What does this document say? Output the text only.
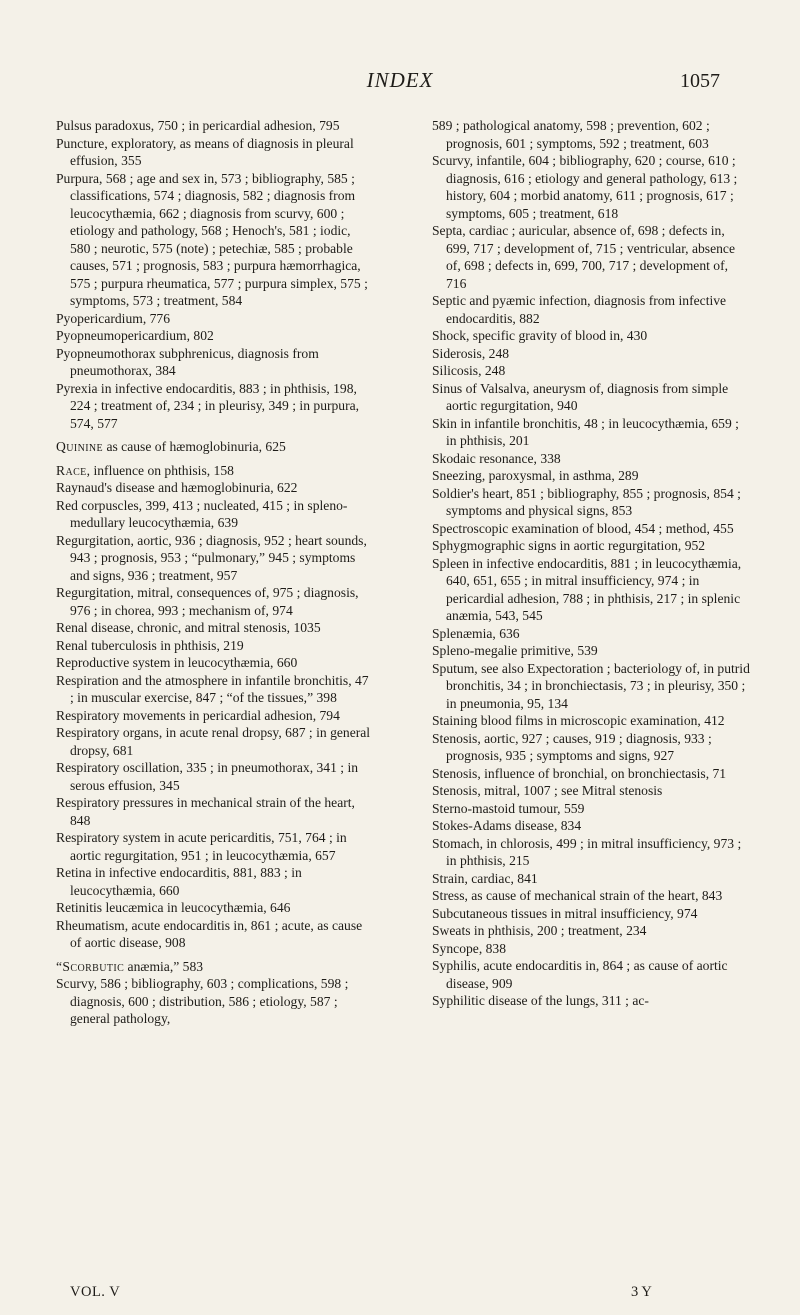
INDEX	1057

Pulsus paradoxus, 750 ; in pericardial adhesion, 795

Puncture, exploratory, as means of diagnosis in pleural effusion, 355

Purpura, 568 ; age and sex in, 573 ; bibliography, 585 ; classifications, 574 ; diagnosis, 582 ; diagnosis from leucocythæmia, 662 ; diagnosis from scurvy, 600 ; etiology and pathology, 568 ; Henoch's, 581 ; iodic, 580 ; neurotic, 575 (note) ; petechiæ, 585 ; probable causes, 571 ; prognosis, 583 ; purpura hæmorrhagica, 575 ; purpura rheumatica, 577 ; purpura simplex, 575 ; symptoms, 573 ; treatment, 584

Pyopericardium, 776

Pyopneumopericardium, 802

Pyopneumothorax subphrenicus, diagnosis from pneumothorax, 384

Pyrexia in infective endocarditis, 883 ; in phthisis, 198, 224 ; treatment of, 234 ; in pleurisy, 349 ; in purpura, 574, 577

Quinine as cause of hæmoglobinuria, 625

Race, influence on phthisis, 158

Raynaud's disease and hæmoglobinuria, 622

Red corpuscles, 399, 413 ; nucleated, 415 ; in spleno-medullary leucocythæmia, 639

Regurgitation, aortic, 936 ; diagnosis, 952 ; heart sounds, 943 ; prognosis, 953 ; “pulmonary,” 945 ; symptoms and signs, 936 ; treatment, 957

Regurgitation, mitral, consequences of, 975 ; diagnosis, 976 ; in chorea, 993 ; mechanism of, 974

Renal disease, chronic, and mitral stenosis, 1035

Renal tuberculosis in phthisis, 219

Reproductive system in leucocythæmia, 660

Respiration and the atmosphere in infantile bronchitis, 47 ; in muscular exercise, 847 ; “of the tissues,” 398

Respiratory movements in pericardial adhesion, 794

Respiratory organs, in acute renal dropsy, 687 ; in general dropsy, 681

Respiratory oscillation, 335 ; in pneumothorax, 341 ; in serous effusion, 345

Respiratory pressures in mechanical strain of the heart, 848

Respiratory system in acute pericarditis, 751, 764 ; in aortic regurgitation, 951 ; in leucocythæmia, 657

Retina in infective endocarditis, 881, 883 ; in leucocythæmia, 660

Retinitis leucæmica in leucocythæmia, 646

Rheumatism, acute endocarditis in, 861 ; acute, as cause of aortic disease, 908

“Scorbutic anæmia,” 583

Scurvy, 586 ; bibliography, 603 ; complications, 598 ; diagnosis, 600 ; distribution, 586 ; etiology, 587 ; general pathology,

589 ; pathological anatomy, 598 ; prevention, 602 ; prognosis, 601 ; symptoms, 592 ; treatment, 603

Scurvy, infantile, 604 ; bibliography, 620 ; course, 610 ; diagnosis, 616 ; etiology and general pathology, 613 ; history, 604 ; morbid anatomy, 611 ; prognosis, 617 ; symptoms, 605 ; treatment, 618

Septa, cardiac ; auricular, absence of, 698 ; defects in, 699, 717 ; development of, 715 ; ventricular, absence of, 698 ; defects in, 699, 700, 717 ; development of, 716

Septic and pyæmic infection, diagnosis from infective endocarditis, 882

Shock, specific gravity of blood in, 430

Siderosis, 248

Silicosis, 248

Sinus of Valsalva, aneurysm of, diagnosis from simple aortic regurgitation, 940

Skin in infantile bronchitis, 48 ; in leucocythæmia, 659 ; in phthisis, 201

Skodaic resonance, 338

Sneezing, paroxysmal, in asthma, 289

Soldier's heart, 851 ; bibliography, 855 ; prognosis, 854 ; symptoms and physical signs, 853

Spectroscopic examination of blood, 454 ; method, 455

Sphygmographic signs in aortic regurgitation, 952

Spleen in infective endocarditis, 881 ; in leucocythæmia, 640, 651, 655 ; in mitral insufficiency, 974 ; in pericardial adhesion, 788 ; in phthisis, 217 ; in splenic anæmia, 543, 545

Splenæmia, 636

Spleno-megalie primitive, 539

Sputum, see also Expectoration ; bacteriology of, in putrid bronchitis, 34 ; in bronchiectasis, 73 ; in pleurisy, 350 ; in pneumonia, 95, 134

Staining blood films in microscopic examination, 412

Stenosis, aortic, 927 ; causes, 919 ; diagnosis, 933 ; prognosis, 935 ; symptoms and signs, 927

Stenosis, influence of bronchial, on bronchiectasis, 71

Stenosis, mitral, 1007 ; see Mitral stenosis

Sterno-mastoid tumour, 559

Stokes-Adams disease, 834

Stomach, in chlorosis, 499 ; in mitral insufficiency, 973 ; in phthisis, 215

Strain, cardiac, 841

Stress, as cause of mechanical strain of the heart, 843

Subcutaneous tissues in mitral insufficiency, 974

Sweats in phthisis, 200 ; treatment, 234

Syncope, 838

Syphilis, acute endocarditis in, 864 ; as cause of aortic disease, 909

Syphilitic disease of the lungs, 311 ; ac-

VOL. V	3 Y
